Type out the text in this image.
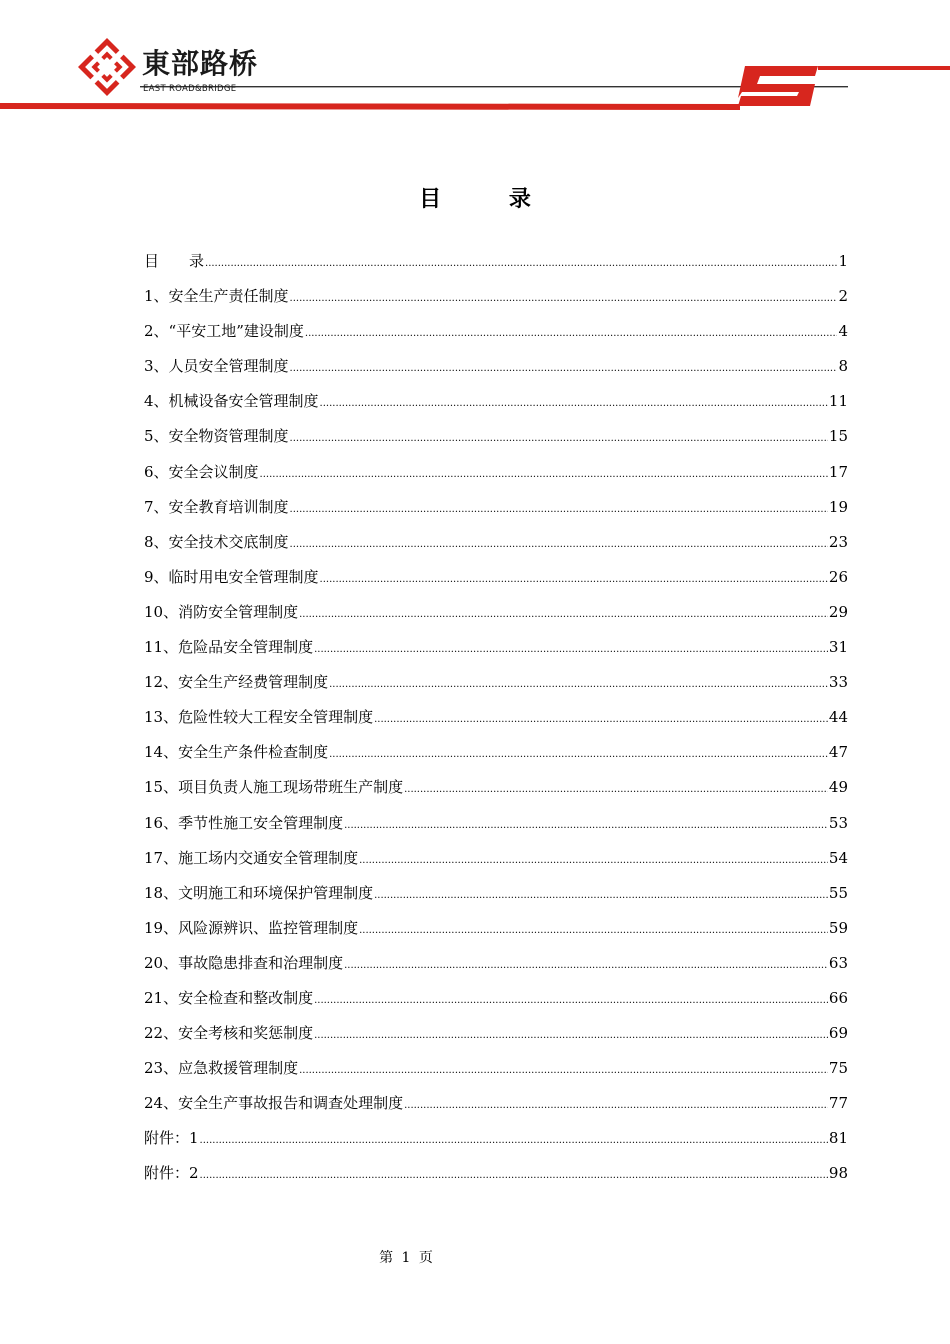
東部路桥
EAST ROAD&BRIDGE
目 录
目　　录 .....	1
1、安全生产责任制度 .....	2
2、“平安工地”建设制度 .....	4
3、人员安全管理制度 .....	8
4、机械设备安全管理制度 .....	11
5、安全物资管理制度 .....	15
6、安全会议制度 .....	17
7、安全教育培训制度 .....	19
8、安全技术交底制度 .....	23
9、临时用电安全管理制度 .....	26
10、消防安全管理制度 .....	29
11、危险品安全管理制度 .....	31
12、安全生产经费管理制度 .....	33
13、危险性较大工程安全管理制度 .....	44
14、安全生产条件检查制度 .....	47
15、项目负责人施工现场带班生产制度 .....	49
16、季节性施工安全管理制度 .....	53
17、施工场内交通安全管理制度 .....	54
18、文明施工和环境保护管理制度 .....	55
19、风险源辨识、监控管理制度 .....	59
20、事故隐患排查和治理制度 .....	63
21、安全检查和整改制度 .....	66
22、安全考核和奖惩制度 .....	69
23、应急救援管理制度 .....	75
24、安全生产事故报告和调查处理制度 .....	77
附件：1 .....	81
附件：2 .....	98
第 1 页
